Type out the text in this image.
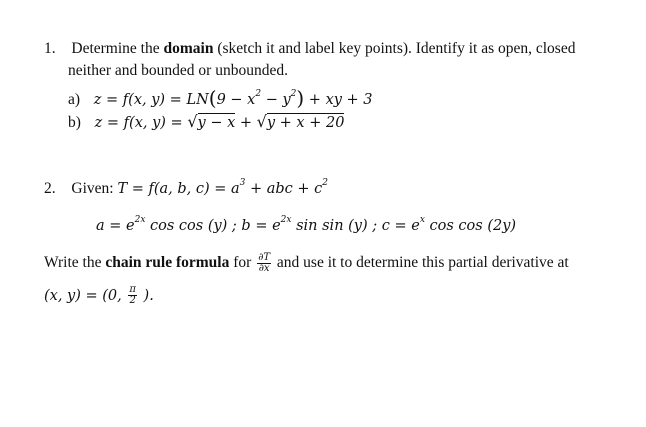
1. Determine the domain (sketch it and label key points). Identify it as open, closed
neither and bounded or unbounded.
a) z = f(x, $y) = LN(9 - x^2 - y^2)$ + xy + 3
b) z = f(x, y) = √y − x + √y + x + 20
2. Given: T = f(a, b, $c) = a^3$ + abc + $c^2$
$a = e^{2x}$ cos cos (y) ; $b = e^{2x}$ sin sin (y) ; $c = e^x$ cos cos (2y)
Write the chain rule formula for $\frac{\partial T}{\partial x}$ and use it to determine this partial derivative at
(x, y) = (0, $\frac{\pi}{2}$ ).
